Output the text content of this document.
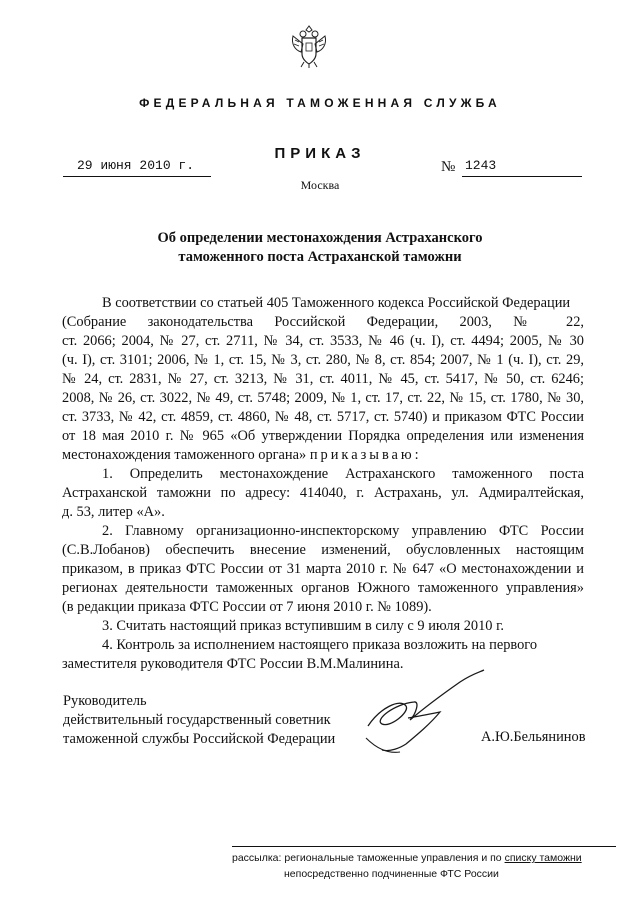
ФЕДЕРАЛЬНАЯ ТАМОЖЕННАЯ СЛУЖБА
ПРИКАЗ
29 июня 2010 г.	№ 1243
Москва
Об определении местонахождения Астраханского
таможенного поста Астраханской таможни
В соответствии со статьей 405 Таможенного кодекса Российской Федерации
(Собрание законодательства Российской Федерации, 2003, № 22,
ст. 2066; 2004, № 27, ст. 2711, № 34, ст. 3533, № 46 (ч. I), ст. 4494; 2005, № 30
(ч. I), ст. 3101; 2006, № 1, ст. 15, № 3, ст. 280, № 8, ст. 854; 2007, № 1 (ч. I), ст. 29,
№ 24, ст. 2831, № 27, ст. 3213, № 31, ст. 4011, № 45, ст. 5417, № 50, ст. 6246;
2008, № 26, ст. 3022, № 49, ст. 5748; 2009, № 1, ст. 17, ст. 22, № 15, ст. 1780, № 30,
ст. 3733, № 42, ст. 4859, ст. 4860, № 48, ст. 5717, ст. 5740) и приказом ФТС России
от 18 мая 2010 г. № 965 «Об утверждении Порядка определения или изменения
местонахождения таможенного органа» приказываю:
1. Определить местонахождение Астраханского таможенного поста
Астраханской таможни по адресу: 414040, г. Астрахань, ул. Адмиралтейская,
д. 53, литер «А».
2. Главному организационно-инспекторскому управлению ФТС России
(С.В.Лобанов) обеспечить внесение изменений, обусловленных настоящим
приказом, в приказ ФТС России от 31 марта 2010 г. № 647 «О местонахождении и
регионах деятельности таможенных органов Южного таможенного управления»
(в редакции приказа ФТС России от 7 июня 2010 г. № 1089).
3. Считать настоящий приказ вступившим в силу с 9 июля 2010 г.
4. Контроль за исполнением настоящего приказа возложить на первого
заместителя руководителя ФТС России В.М.Малинина.
Руководитель
действительный государственный советник
таможенной службы Российской Федерации	А.Ю.Бельянинов
рассылка: региональные таможенные управления и по списку таможни
непосредственно подчиненные ФТС России
